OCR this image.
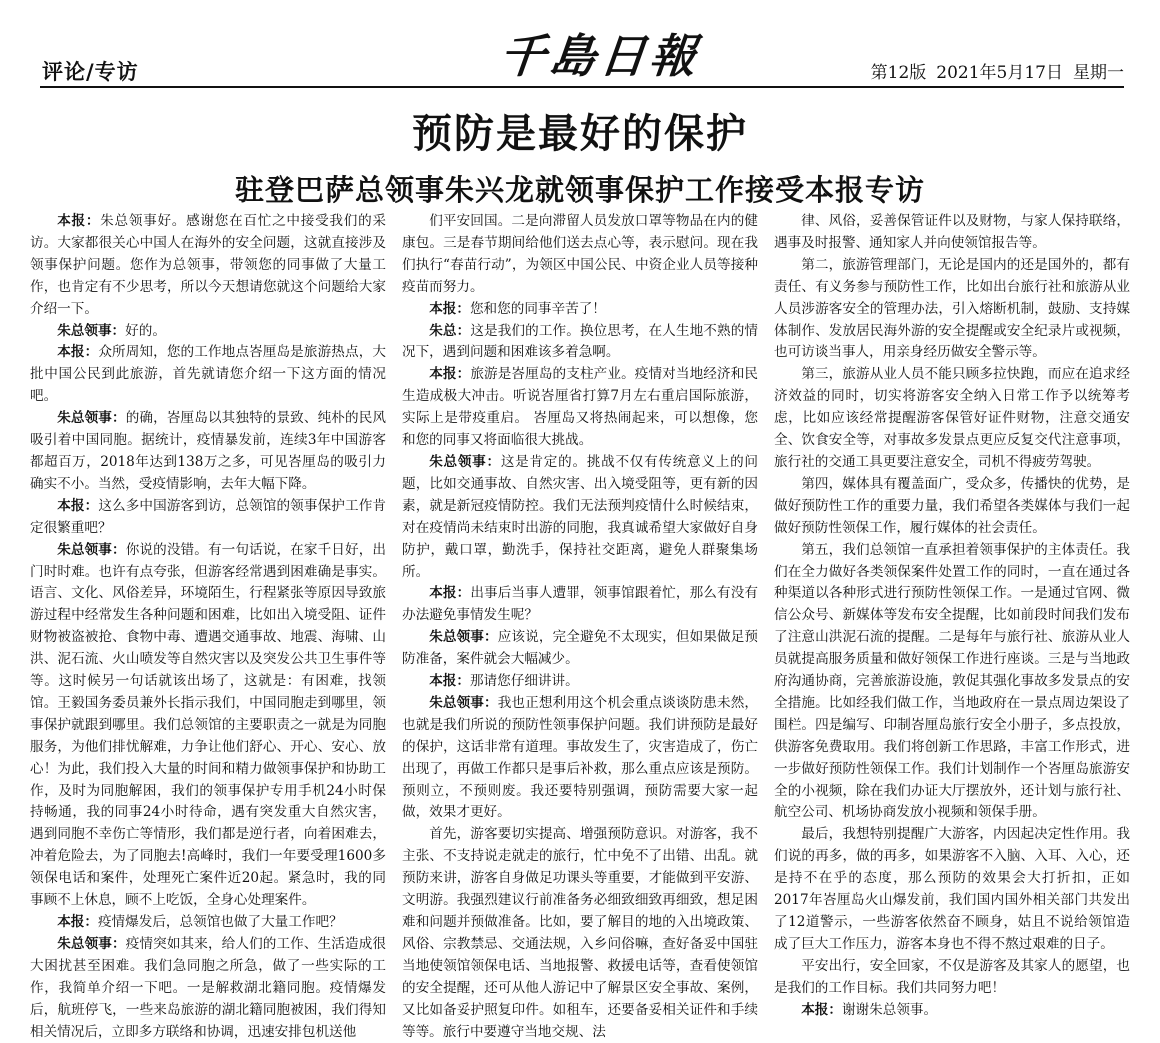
评论/专访	千島日報	第12版 2021年5月17日 星期一
预防是最好的保护
驻登巴萨总领事朱兴龙就领事保护工作接受本报专访

本报：朱总领事好。感谢您在百忙之中接受我们的采访。大家都很关心中国人在海外的安全问题，这就直接涉及领事保护问题。您作为总领事，带领您的同事做了大量工作，也肯定有不少思考，所以今天想请您就这个问题给大家介绍一下。

朱总领事：好的。

本报：众所周知，您的工作地点峇厘岛是旅游热点，大批中国公民到此旅游，首先就请您介绍一下这方面的情况吧。

朱总领事：的确，峇厘岛以其独特的景致、纯朴的民风吸引着中国同胞。据统计，疫情暴发前，连续3年中国游客都超百万，2018年达到138万之多，可见峇厘岛的吸引力确实不小。当然，受疫情影响，去年大幅下降。

本报：这么多中国游客到访，总领馆的领事保护工作肯定很繁重吧？

朱总领事：你说的没错。有一句话说，在家千日好，出门时时难。也许有点夸张，但游客经常遇到困难确是事实。语言、文化、风俗差异，环境陌生，行程紧张等原因导致旅游过程中经常发生各种问题和困难，比如出入境受阻、证件财物被盗被抢、食物中毒、遭遇交通事故、地震、海啸、山洪、泥石流、火山喷发等自然灾害以及突发公共卫生事件等等。这时候另一句话就该出场了，这就是：有困难，找领馆。王毅国务委员兼外长指示我们，中国同胞走到哪里，领事保护就跟到哪里。我们总领馆的主要职责之一就是为同胞服务，为他们排忧解难，力争让他们舒心、开心、安心、放心！为此，我们投入大量的时间和精力做领事保护和协助工作，及时为同胞解困，我们的领事保护专用手机24小时保持畅通，我的同事24小时待命，遇有突发重大自然灾害，遇到同胞不幸伤亡等情形，我们都是逆行者，向着困难去，冲着危险去，为了同胞去!高峰时，我们一年要受理1600多领保电话和案件，处理死亡案件近20起。紧急时，我的同事顾不上休息，顾不上吃饭，全身心处理案件。

本报：疫情爆发后，总领馆也做了大量工作吧？

朱总领事：疫情突如其来，给人们的工作、生活造成很大困扰甚至困难。我们急同胞之所急，做了一些实际的工作，我简单介绍一下吧。一是解救湖北籍同胞。疫情爆发后，航班停飞，一些来岛旅游的湖北籍同胞被困，我们得知相关情况后，立即多方联络和协调，迅速安排包机送他

们平安回国。二是向滞留人员发放口罩等物品在内的健康包。三是春节期间给他们送去点心等，表示慰问。现在我们执行“春苗行动”，为领区中国公民、中资企业人员等接种疫苗而努力。

本报：您和您的同事辛苦了！

朱总：这是我们的工作。换位思考，在人生地不熟的情况下，遇到问题和困难该多着急啊。

本报：旅游是峇厘岛的支柱产业。疫情对当地经济和民生造成极大冲击。听说峇厘省打算7月左右重启国际旅游，实际上是带疫重启。 峇厘岛又将热闹起来，可以想像，您和您的同事又将面临很大挑战。

朱总领事：这是肯定的。挑战不仅有传统意义上的问题，比如交通事故、自然灾害、出入境受阻等，更有新的因素，就是新冠疫情防控。我们无法预判疫情什么时候结束，对在疫情尚未结束时出游的同胞，我真诚希望大家做好自身防护，戴口罩，勤洗手，保持社交距离，避免人群聚集场所。

本报：出事后当事人遭罪，领事馆跟着忙，那么有没有办法避免事情发生呢？

朱总领事：应该说，完全避免不太现实，但如果做足预防准备，案件就会大幅减少。

本报：那请您仔细讲讲。

朱总领事：我也正想利用这个机会重点谈谈防患未然，也就是我们所说的预防性领事保护问题。我们讲预防是最好的保护，这话非常有道理。事故发生了，灾害造成了，伤亡出现了，再做工作都只是事后补救，那么重点应该是预防。预则立，不预则废。我还要特别强调，预防需要大家一起做，效果才更好。

首先，游客要切实提高、增强预防意识。对游客，我不主张、不支持说走就走的旅行，忙中免不了出错、出乱。就预防来讲，游客自身做足功课头等重要，才能做到平安游、文明游。我强烈建议行前准备务必细致细致再细致，想足困难和问题并预做准备。比如，要了解目的地的入出境政策、风俗、宗教禁忌、交通法规，入乡问俗嘛，查好备妥中国驻当地使领馆领保电话、当地报警、救援电话等，查看使领馆的安全提醒，还可从他人游记中了解景区安全事故、案例，又比如备妥护照复印件。如租车，还要备妥相关证件和手续等等。旅行中要遵守当地交规、法

律、风俗，妥善保管证件以及财物，与家人保持联络，遇事及时报警、通知家人并向使领馆报告等。

第二，旅游管理部门，无论是国内的还是国外的，都有责任、有义务参与预防性工作，比如出台旅行社和旅游从业人员涉游客安全的管理办法，引入熔断机制，鼓励、支持媒体制作、发放居民海外游的安全提醒或安全纪录片或视频，也可访谈当事人，用亲身经历做安全警示等。

第三，旅游从业人员不能只顾多拉快跑，而应在追求经济效益的同时，切实将游客安全纳入日常工作予以统筹考虑，比如应该经常提醒游客保管好证件财物，注意交通安全、饮食安全等，对事故多发景点更应反复交代注意事项，旅行社的交通工具更要注意安全，司机不得疲劳驾驶。

第四，媒体具有覆盖面广，受众多，传播快的优势，是做好预防性工作的重要力量，我们希望各类媒体与我们一起做好预防性领保工作，履行媒体的社会责任。

第五，我们总领馆一直承担着领事保护的主体责任。我们在全力做好各类领保案件处置工作的同时，一直在通过各种渠道以各种形式进行预防性领保工作。一是通过官网、微信公众号、新媒体等发布安全提醒，比如前段时间我们发布了注意山洪泥石流的提醒。二是每年与旅行社、旅游从业人员就提高服务质量和做好领保工作进行座谈。三是与当地政府沟通协商，完善旅游设施，敦促其强化事故多发景点的安全措施。比如经我们做工作，当地政府在一景点周边架设了围栏。四是编写、印制峇厘岛旅行安全小册子，多点投放，供游客免费取用。我们将创新工作思路，丰富工作形式，进一步做好预防性领保工作。我们计划制作一个峇厘岛旅游安全的小视频，除在我们办证大厅摆放外，还计划与旅行社、航空公司、机场协商发放小视频和领保手册。

最后，我想特别提醒广大游客，内因起决定性作用。我们说的再多，做的再多，如果游客不入脑、入耳、入心，还是持不在乎的态度，那么预防的效果会大打折扣，正如2017年峇厘岛火山爆发前，我们国内国外相关部门共发出了12道警示，一些游客依然奋不顾身，姑且不说给领馆造成了巨大工作压力，游客本身也不得不熬过艰难的日子。

平安出行，安全回家，不仅是游客及其家人的愿望，也是我们的工作目标。我们共同努力吧！

本报：谢谢朱总领事。
